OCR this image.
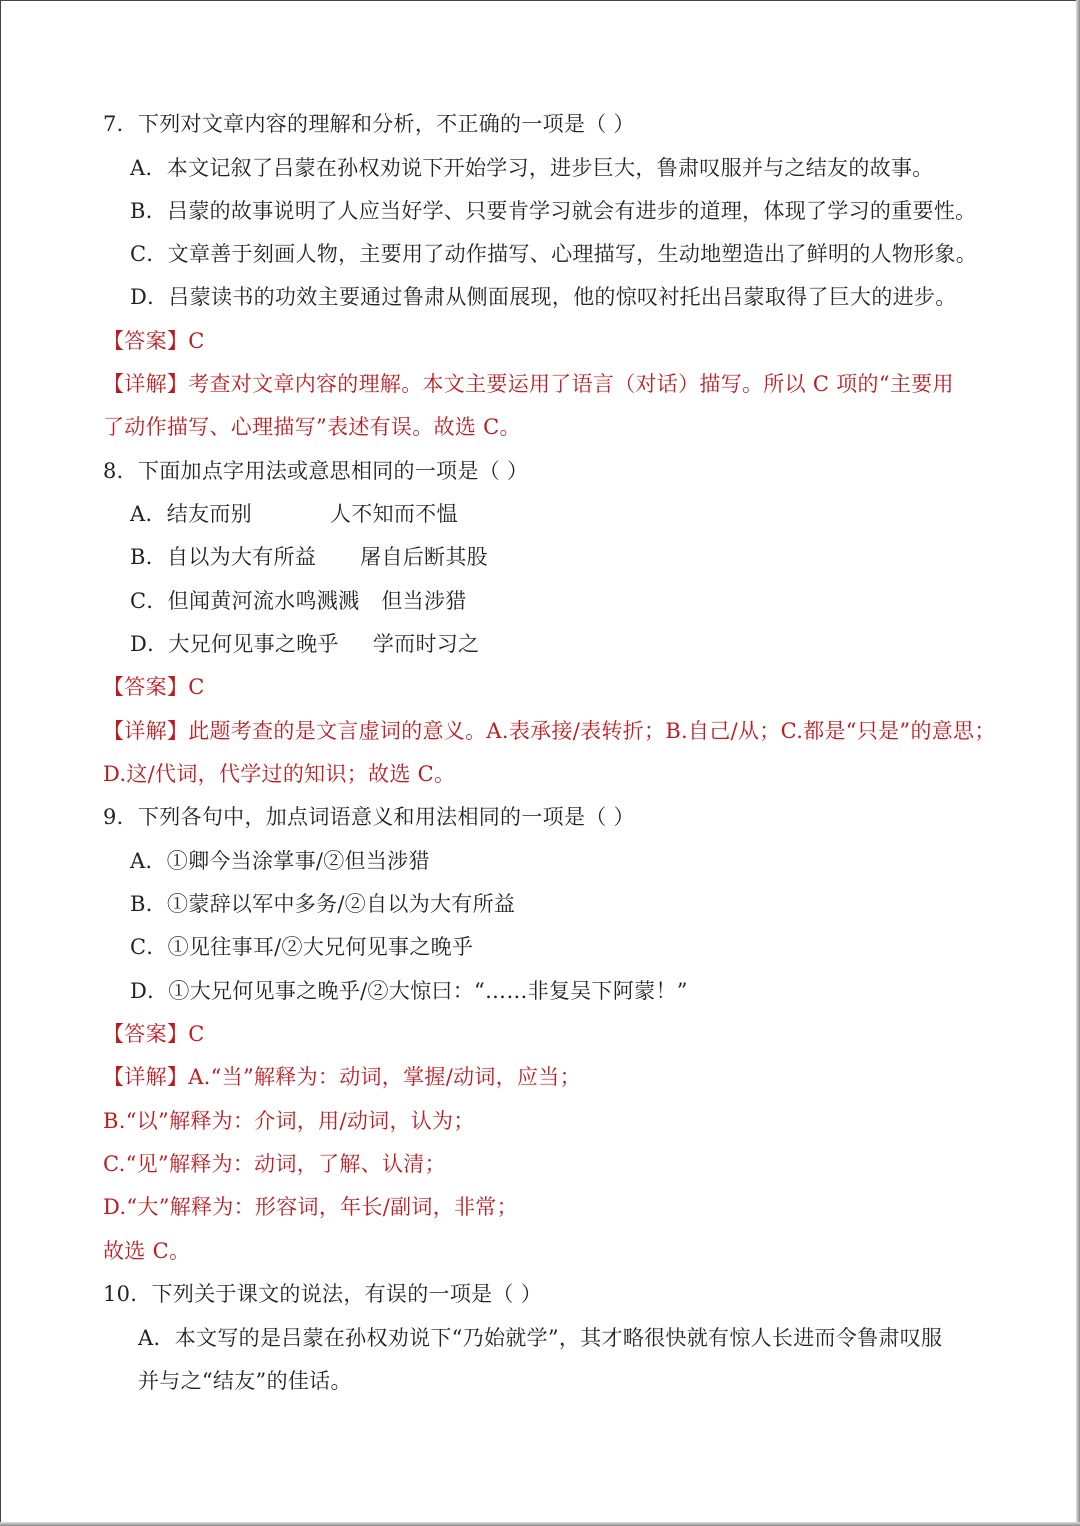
7．下列对文章内容的理解和分析，不正确的一项是（ ）
A．本文记叙了吕蒙在孙权劝说下开始学习，进步巨大，鲁肃叹服并与之结友的故事。
B．吕蒙的故事说明了人应当好学、只要肯学习就会有进步的道理，体现了学习的重要性。
C．文章善于刻画人物，主要用了动作描写、心理描写，生动地塑造出了鲜明的人物形象。
D．吕蒙读书的功效主要通过鲁肃从侧面展现，他的惊叹衬托出吕蒙取得了巨大的进步。
【答案】C
【详解】考查对文章内容的理解。本文主要运用了语言（对话）描写。所以 C 项的“主要用
了动作描写、心理描写”表述有误。故选 C。
8．下面加点字用法或意思相同的一项是（ ）
A．结友而别	人不知而不愠
B．自以为大有所益 屠自后断其股
C．但闻黄河流水鸣溅溅 但当涉猎
D．大兄何见事之晚乎 学而时习之
【答案】C
【详解】此题考查的是文言虚词的意义。A.表承接/表转折；B.自己/从；C.都是“只是”的意思；
D.这/代词，代学过的知识；故选 C。
9．下列各句中，加点词语意义和用法相同的一项是（ ）
A．①卿今当涂掌事/②但当涉猎
B．①蒙辞以军中多务/②自以为大有所益
C．①见往事耳/②大兄何见事之晚乎
D．①大兄何见事之晚乎/②大惊曰：“……非复吴下阿蒙！”
【答案】C
【详解】A.“当”解释为：动词，掌握/动词，应当；
B.“以”解释为：介词，用/动词，认为；
C.“见”解释为：动词，了解、认清；
D.“大”解释为：形容词，年长/副词，非常；
故选 C。
10．下列关于课文的说法，有误的一项是（ ）
A．本文写的是吕蒙在孙权劝说下“乃始就学”，其才略很快就有惊人长进而令鲁肃叹服
并与之“结友”的佳话。
